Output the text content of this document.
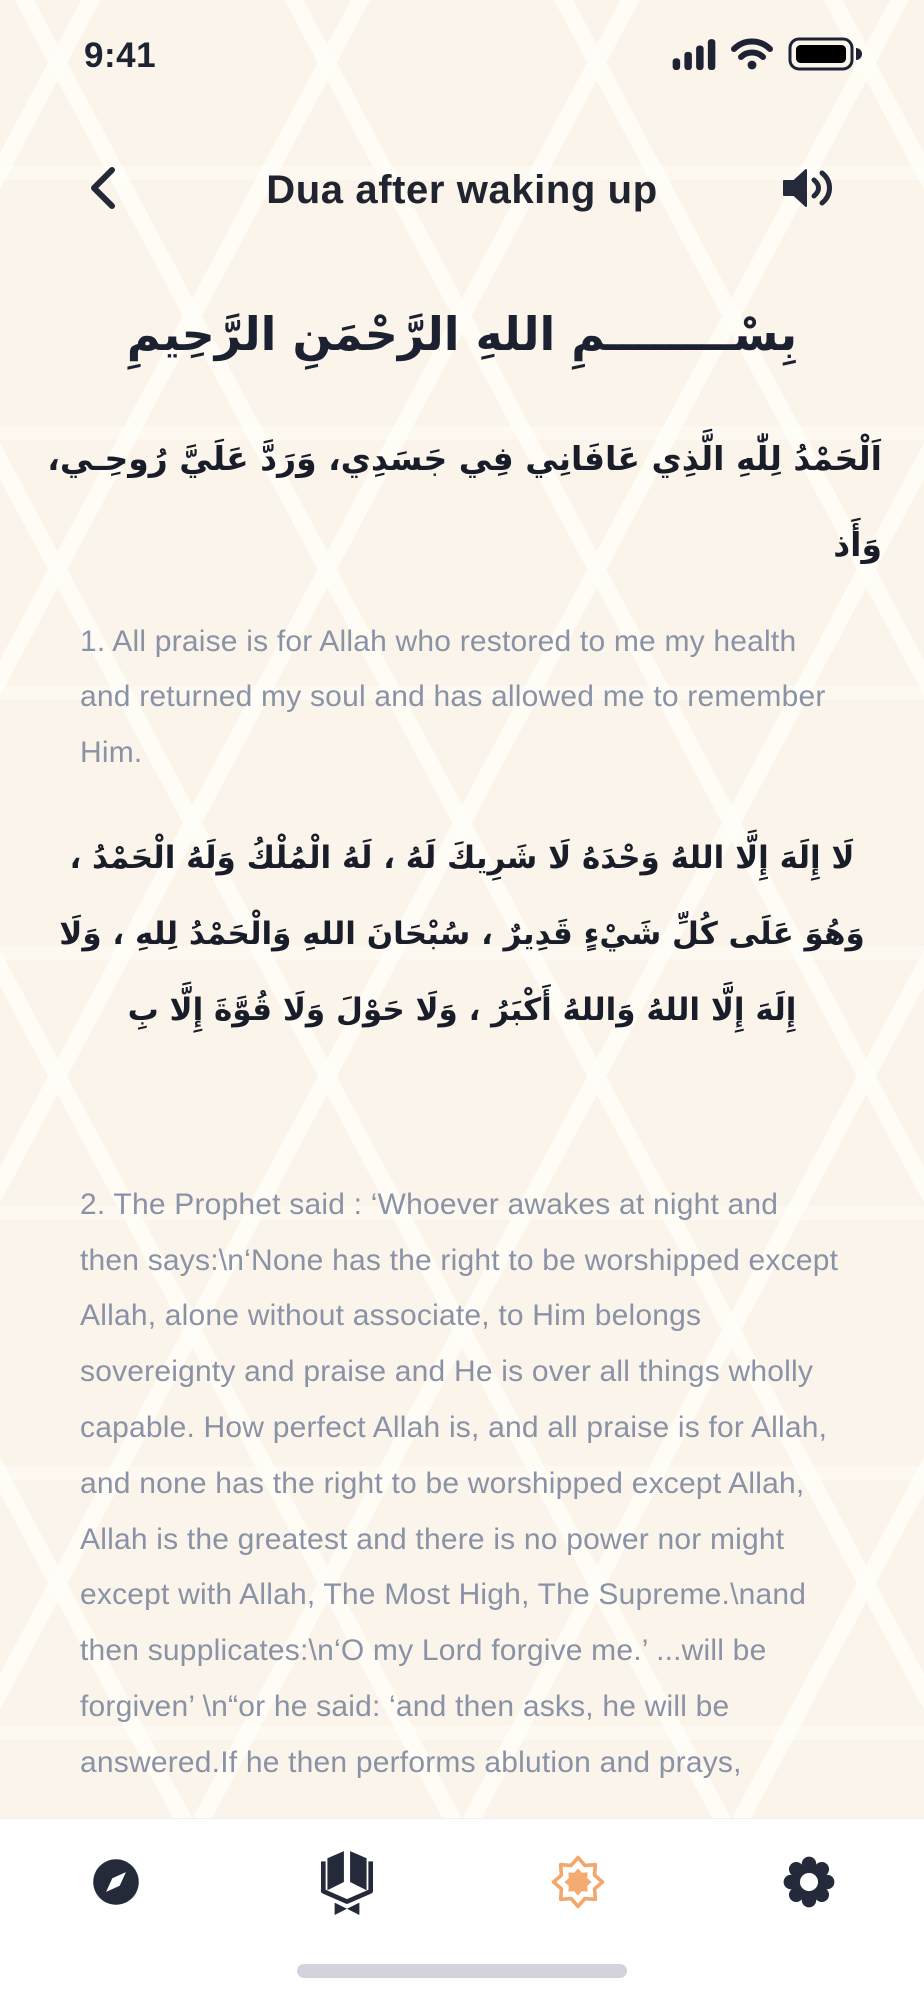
9:41
Dua after waking up
بِسْــــــــمِ اللهِ الرَّحْمَنِ الرَّحِيمِ
اَلْحَمْدُ لِلّٰهِ الَّذِي عَافَانِي فِي جَسَدِي، وَرَدَّ عَلَيَّ رُوحِـي، وَأَذ
1. All praise is for Allah who restored to me my health and returned my soul and has allowed me to remember Him.
لَا إِلَهَ إِلَّا اللهُ وَحْدَهُ لَا شَرِيكَ لَهُ ، لَهُ الْمُلْكُ وَلَهُ الْحَمْدُ ، وَهُوَ عَلَى كُلِّ شَيْءٍ قَدِيرٌ ، سُبْحَانَ اللهِ وَالْحَمْدُ لِلهِ ، وَلَا إِلَهَ إِلَّا اللهُ وَاللهُ أَكْبَرُ ، وَلَا حَوْلَ وَلَا قُوَّةَ إِلَّا بِ
2. The Prophet said : ‘Whoever awakes at night and then says:\n‘None has the right to be worshipped except Allah, alone without associate, to Him belongs sovereignty and praise and He is over all things wholly capable. How perfect Allah is, and all praise is for Allah, and none has the right to be worshipped except Allah, Allah is the greatest and there is no power nor might except with Allah, The Most High, The Supreme.\nand then supplicates:\n‘O my Lord forgive me.’ ...will be forgiven’ \n“or he said: ‘and then asks, he will be answered.If he then performs ablution and prays,
